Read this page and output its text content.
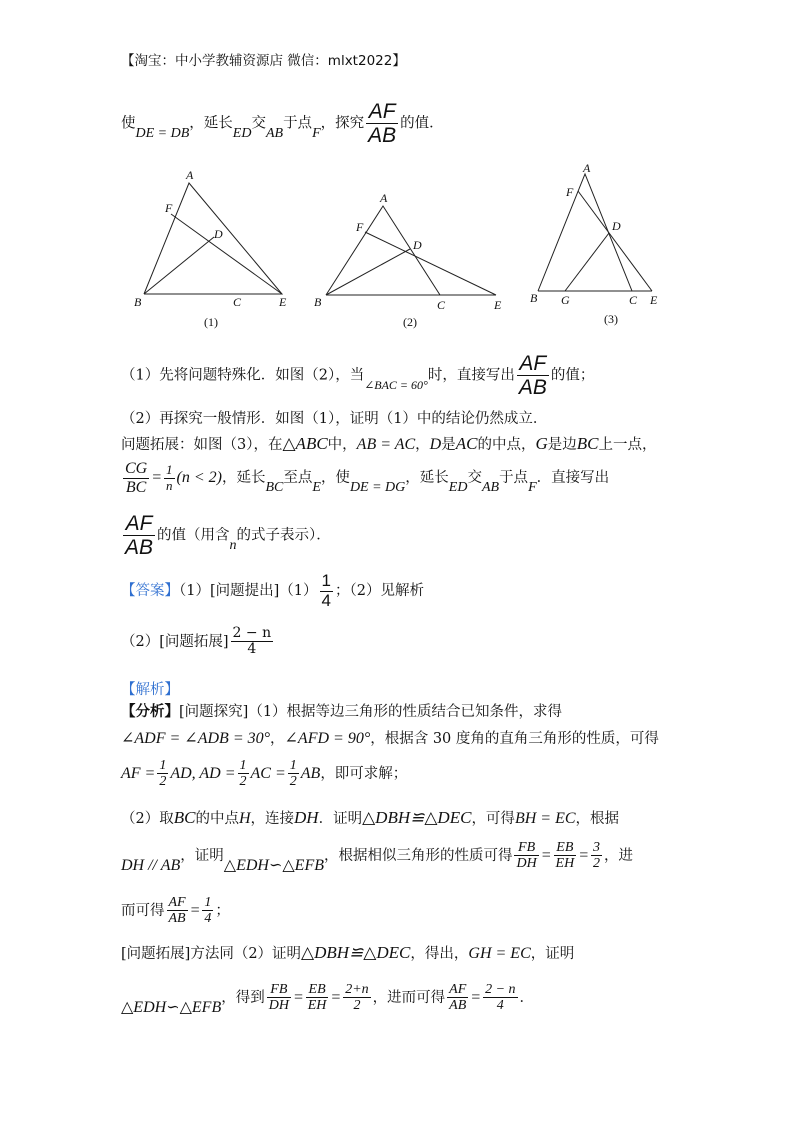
【淘宝：中小学教辅资源店 微信：mlxt2022】
使DE = DB，延长ED交AB于点F，探究 $\frac{AF}{AB}$ 的值．
A
F
D
B	C	E
(1)
A
F
D
B	C	E
(2)
A
F
D
B G	C E
(3)
（1）先将问题特殊化．如图（2），当$_{\angle BAC = 60^\circ}$时，直接写出 $\frac{AF}{AB}$ 的值；
（2）再探究一般情形．如图（1），证明（1）中的结论仍然成立．
问题拓展：如图（3），在△ABC中，AB = AC，D是AC的中点，G是边BC上一点，
$\frac{CG}{BC} = \frac{1}{n} (n < 2)$，延长BC至点E，使DE = DG，延长ED交AB于点F．直接写出
$\frac{AF}{AB}$ 的值（用含n的式子表示）．
【答案】（1）[问题提出]$(1) \frac{1}{4}$ ；（2）见解析
（2）[问题拓展] $\frac{2 - n}{4}$
【解析】
【分析】[问题探究]（1）根据等边三角形的性质结合已知条件，求得
∠ADF = ∠ADB = 30°，∠AFD = 90°，根据含 30 度角的直角三角形的性质，可得
AF = $\frac{1}{2}$ AD, AD = $\frac{1}{2}$ AC = $\frac{1}{2}$ AB，即可求解；
（2）取BC的中点H，连接DH．证明△DBH≌△DEC，可得BH = EC，根据
DH // AB，证明△EDH∽△EFB，根据相似三角形的性质可得 $\frac{FB}{DH} = \frac{EB}{EH} = \frac{3}{2}$ ，进
而可得 $\frac{AF}{AB} = \frac{1}{4}$ ；
[问题拓展]方法同（2）证明△DBH≌△DEC，得出，GH = EC，证明
△EDH∽△EFB，得到 $\frac{FB}{DH} = \frac{EB}{EH} = \frac{2+n}{2}$ ，进而可得 $\frac{AF}{AB} = \frac{2 - n}{4}$ ．
